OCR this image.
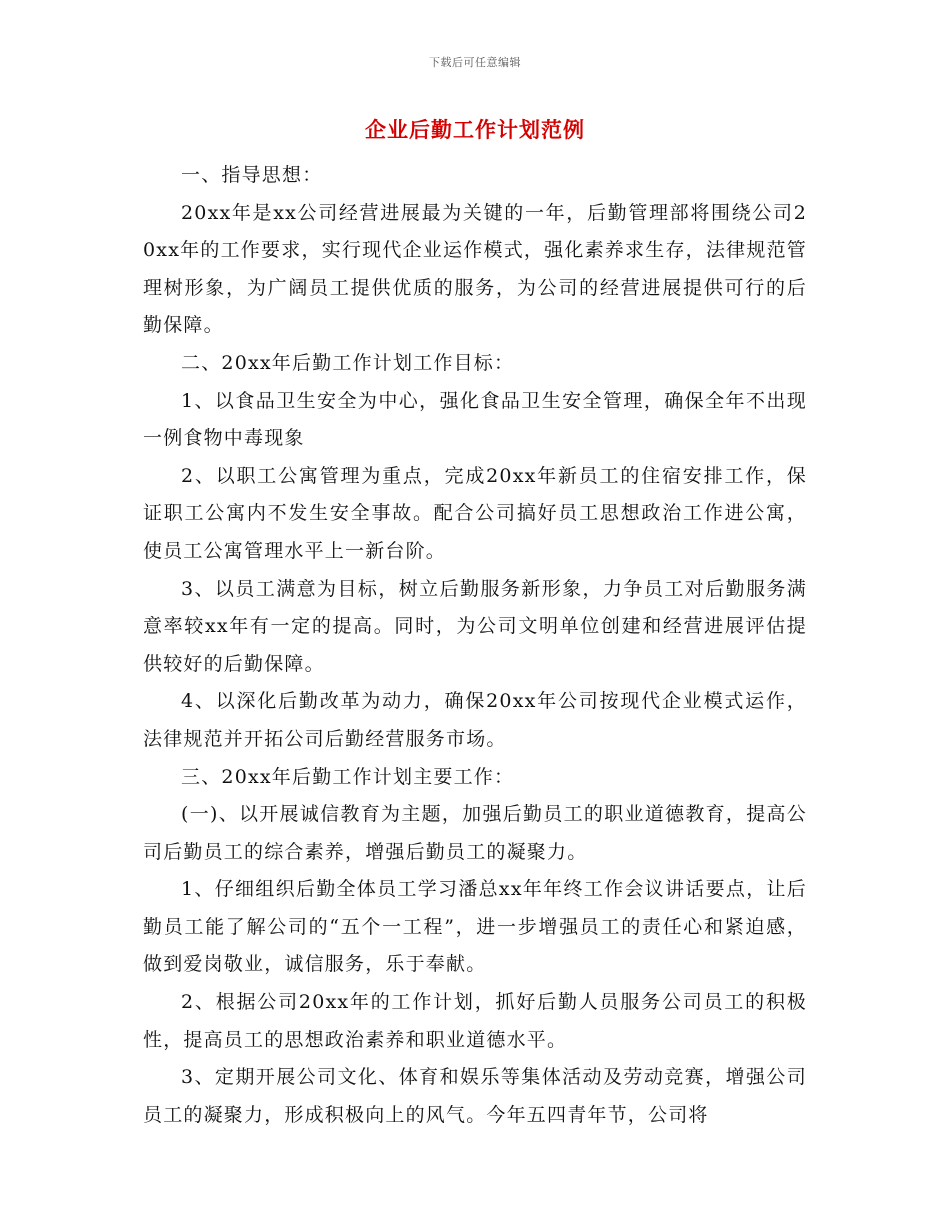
下载后可任意编辑
企业后勤工作计划范例

一、指导思想：

20xx年是xx公司经营进展最为关键的一年，后勤管理部将围绕公司20xx年的工作要求，实行现代企业运作模式，强化素养求生存，法律规范管理树形象，为广阔员工提供优质的服务，为公司的经营进展提供可行的后勤保障。

二、20xx年后勤工作计划工作目标：

1、以食品卫生安全为中心，强化食品卫生安全管理，确保全年不出现一例食物中毒现象

2、以职工公寓管理为重点，完成20xx年新员工的住宿安排工作，保证职工公寓内不发生安全事故。配合公司搞好员工思想政治工作进公寓，使员工公寓管理水平上一新台阶。

3、以员工满意为目标，树立后勤服务新形象，力争员工对后勤服务满意率较xx年有一定的提高。同时，为公司文明单位创建和经营进展评估提供较好的后勤保障。

4、以深化后勤改革为动力，确保20xx年公司按现代企业模式运作，法律规范并开拓公司后勤经营服务市场。

三、20xx年后勤工作计划主要工作：

(一)、以开展诚信教育为主题，加强后勤员工的职业道德教育，提高公司后勤员工的综合素养，增强后勤员工的凝聚力。

1、仔细组织后勤全体员工学习潘总xx年年终工作会议讲话要点，让后勤员工能了解公司的“五个一工程”，进一步增强员工的责任心和紧迫感，做到爱岗敬业，诚信服务，乐于奉献。

2、根据公司20xx年的工作计划，抓好后勤人员服务公司员工的积极性，提高员工的思想政治素养和职业道德水平。

3、定期开展公司文化、体育和娱乐等集体活动及劳动竞赛，增强公司员工的凝聚力，形成积极向上的风气。今年五四青年节，公司将
